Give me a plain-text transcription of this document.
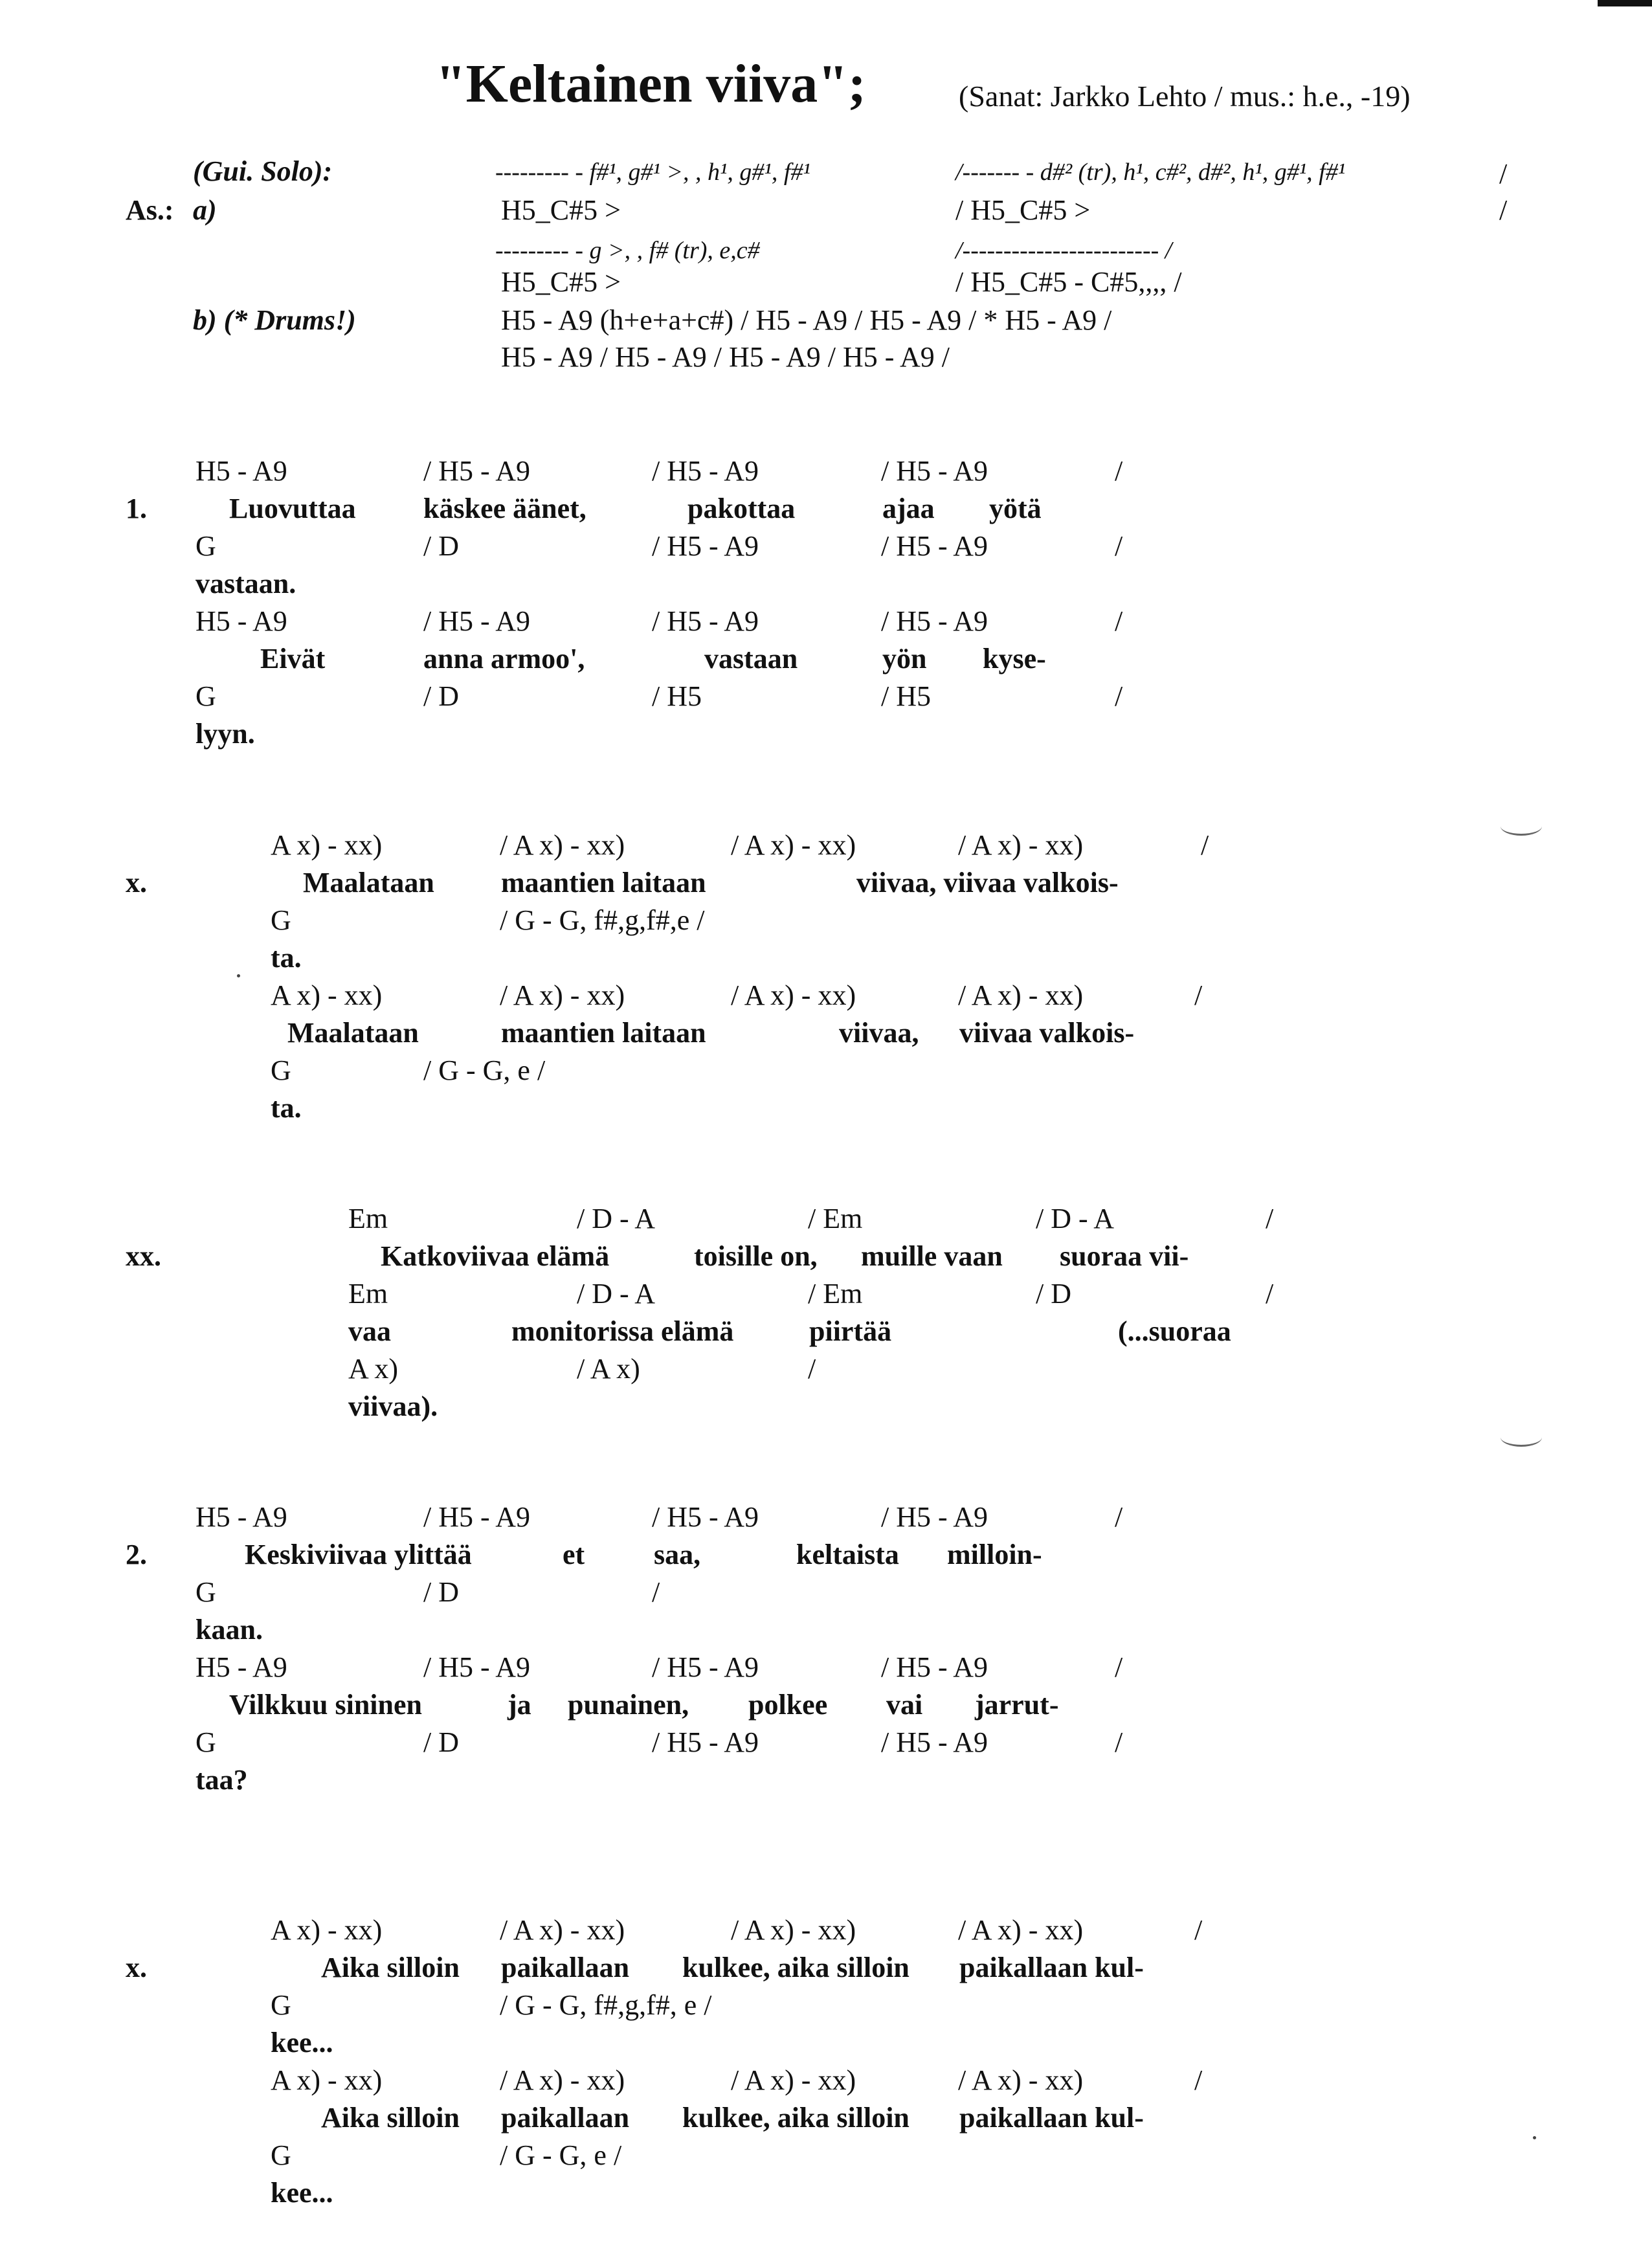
"Keltainen viiva";	(Sanat: Jarkko Lehto / mus.: h.e., -19)
(Gui. Solo):	--------- - f#¹, g#¹ >, , h¹, g#¹, f#¹	/------- - d#² (tr), h¹, c#², d#², h¹, g#¹, f#¹	/
As.: a)	H5_C#5 >	/ H5_C#5 >	/
--------- - g >, , f# (tr), e,c#	/------------------------ /
H5_C#5 >	/ H5_C#5 - C#5,,,, /
b) (* Drums!)	H5 - A9 (h+e+a+c#) / H5 - A9 / H5 - A9 / * H5 - A9 /
H5 - A9 / H5 - A9 / H5 - A9 / H5 - A9 /
H5 - A9	/ H5 - A9	/ H5 - A9	/ H5 - A9	/
1.	Luovuttaa käskee äänet,	pakottaa	ajaa yötä
G	/ D	/ H5 - A9	/ H5 - A9	/
vastaan.
H5 - A9	/ H5 - A9	/ H5 - A9	/ H5 - A9	/
Eivät	anna armoo',	vastaan	yön kyse-
G	/ D	/ H5	/ H5	/
lyyn.
A x) - xx)	/ A x) - xx)	/ A x) - xx)	/ A x) - xx)	/
x.	Maalataan maantien laitaan	viivaa, viivaa valkois-
G	/ G - G, f#,g,f#,e /
ta.
A x) - xx)	/ A x) - xx)	/ A x) - xx)	/ A x) - xx)	/
Maalataan	maantien laitaan	viivaa, viivaa valkois-
G	/ G - G, e /
ta.
Em	/ D - A	/ Em	/ D - A	/
xx.	Katkoviivaa elämä	toisille on, muille vaan suoraa vii-
Em	/ D - A	/ Em	/ D	/
vaa	monitorissa elämä	piirtää	(...suoraa
A x)	/ A x)	/
viivaa).
H5 - A9	/ H5 - A9	/ H5 - A9	/ H5 - A9	/
2.	Keskiviivaa ylittää	et saa,	keltaista milloin-
G	/ D	/
kaan.
H5 - A9	/ H5 - A9	/ H5 - A9	/ H5 - A9	/
Vilkkuu sininen	ja punainen, polkee vai jarrut-
G	/ D	/ H5 - A9	/ H5 - A9	/
taa?
A x) - xx)	/ A x) - xx)	/ A x) - xx)	/ A x) - xx)	/
x.	Aika silloin paikallaan kulkee, aika silloin paikallaan kul-
G	/ G - G, f#,g,f#, e /
kee...
A x) - xx)	/ A x) - xx)	/ A x) - xx)	/ A x) - xx)	/
Aika silloin paikallaan kulkee, aika silloin paikallaan kul-
G	/ G - G, e /
kee...
